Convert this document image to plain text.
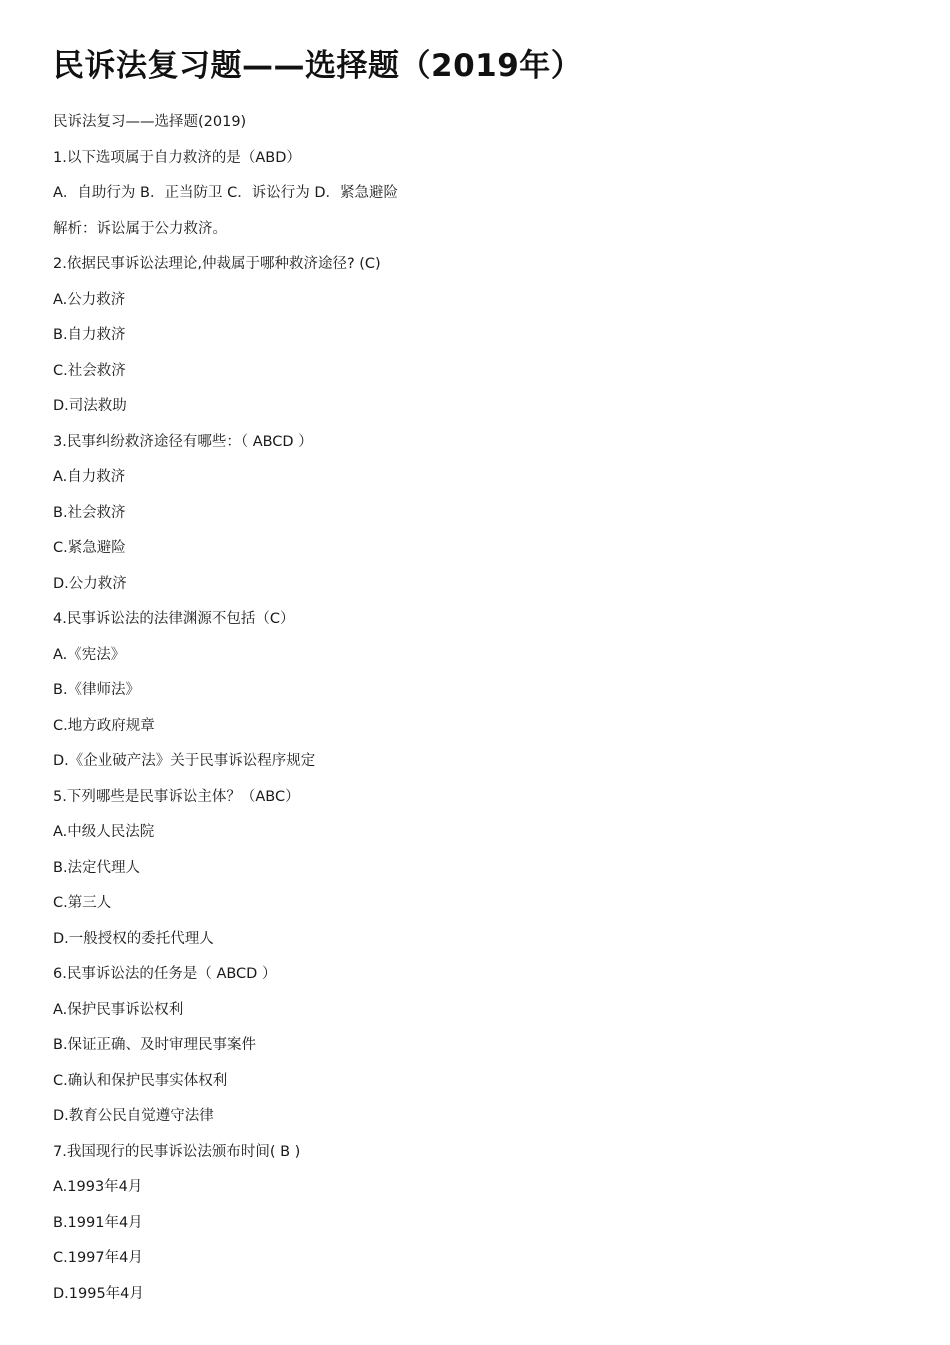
民诉法复习题——选择题（2019年）
民诉法复习——选择题(2019)
1.以下选项属于自力救济的是（ABD）
A．自助行为 B．正当防卫 C．诉讼行为 D．紧急避险
解析：诉讼属于公力救济。
2.依据民事诉讼法理论,仲裁属于哪种救济途径? (C)
A.公力救济
B.自力救济
C.社会救济
D.司法救助
3.民事纠纷救济途径有哪些：（ ABCD ）
A.自力救济
B.社会救济
C.紧急避险
D.公力救济
4.民事诉讼法的法律渊源不包括（C）
A.《宪法》
B.《律师法》
C.地方政府规章
D.《企业破产法》关于民事诉讼程序规定
5.下列哪些是民事诉讼主体？（ABC）
A.中级人民法院
B.法定代理人
C.第三人
D.一般授权的委托代理人
6.民事诉讼法的任务是（ ABCD ）
A.保护民事诉讼权利
B.保证正确、及时审理民事案件
C.确认和保护民事实体权利
D.教育公民自觉遵守法律
7.我国现行的民事诉讼法颁布时间( B )
A.1993年4月
B.1991年4月
C.1997年4月
D.1995年4月
